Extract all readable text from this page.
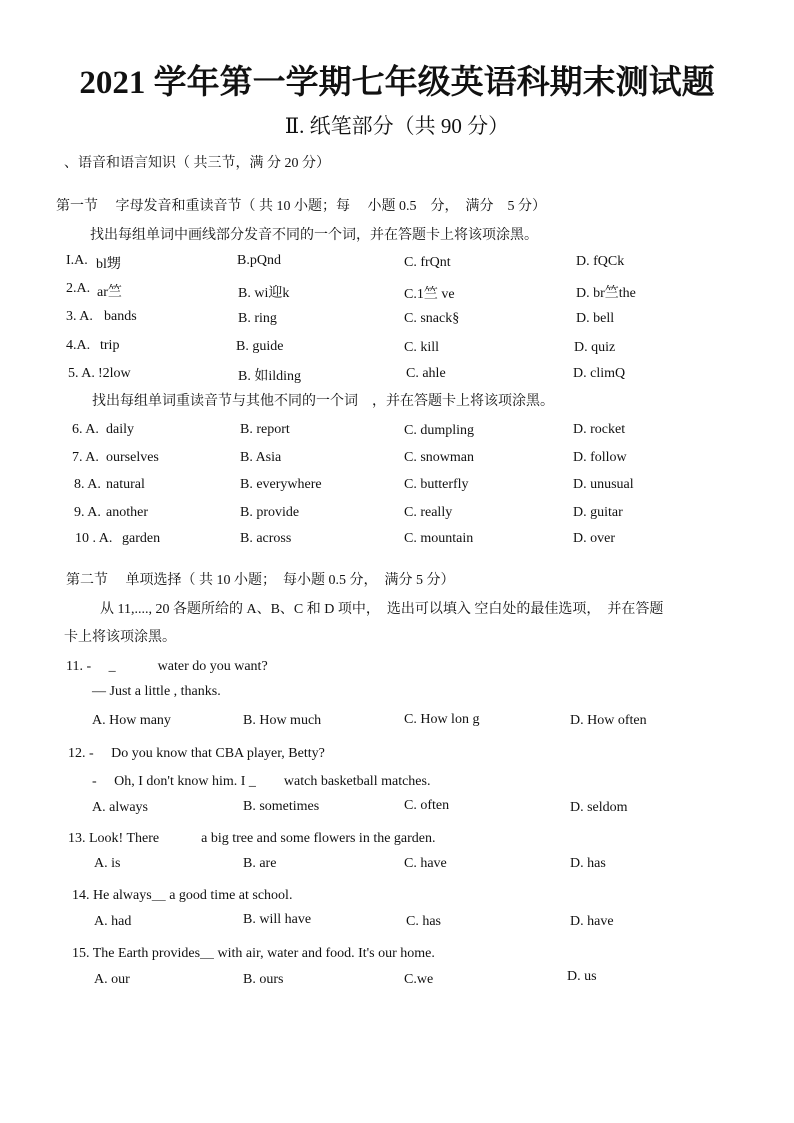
2021 学年第一学期七年级英语科期末测试题
Ⅱ. 纸笔部分（共 90 分）
、语音和语言知识（ 共三节，满 分 20 分）
第一节　 字母发音和重读音节（ 共 10 小题；每　 小题 0.5　分，　满分　5 分）
找出每组单词中画线部分发音不同的一个词，并在答题卡上将该项涂黑。
I.A. bl甥	B.pQnd	C. frQnt	D. fQCk
2.A. ar竺	B. wi迎k	C.1竺 ve	D. br竺the
3. A. bands	B. ring	C. snack§	D. bell
4.A. trip	B. guide	C. kill	D. quiz
5. A. !2low	B. 如ilding	C. ahle	D. climQ
找出每组单词重读音节与其他不同的一个词　，并在答题卡上将该项涂黑。
6. A. daily	B. report	C. dumpling	D. rocket
7. A. ourselves	B. Asia	C. snowman	D. follow
8. A. natural	B. everywhere	C. butterfly	D. unusual
9. A. another	B. provide	C. really	D. guitar
10 . A. garden	B. across	C. mountain	D. over
第二节　 单项选择（ 共 10 小题；　每小题 0.5 分，　满分 5 分）
从 11,...., 20 各题所给的 A、B、C 和 D 项中，　选出可以填入 空白处的最佳选项，　并在答题
卡上将该项涂黑。
11. -　 _　　　water do you want?
— Just a little , thanks.
A. How many	B. How much	C. How lon g	D. How often
12. -　 Do you know that CBA player, Betty?
-　 Oh, I don't know him. I _　　watch basketball matches.
A. always	B. sometimes	C. often	D. seldom
13. Look! There　　　a big tree and some flowers in the garden.
A. is	B. are	C. have	D. has
14. He always＿ a good time at school.
A. had	B. will have	C. has	D. have
15. The Earth provides＿ with air, water and food. It's our home.
A. our	B. ours	C.we	D. us
